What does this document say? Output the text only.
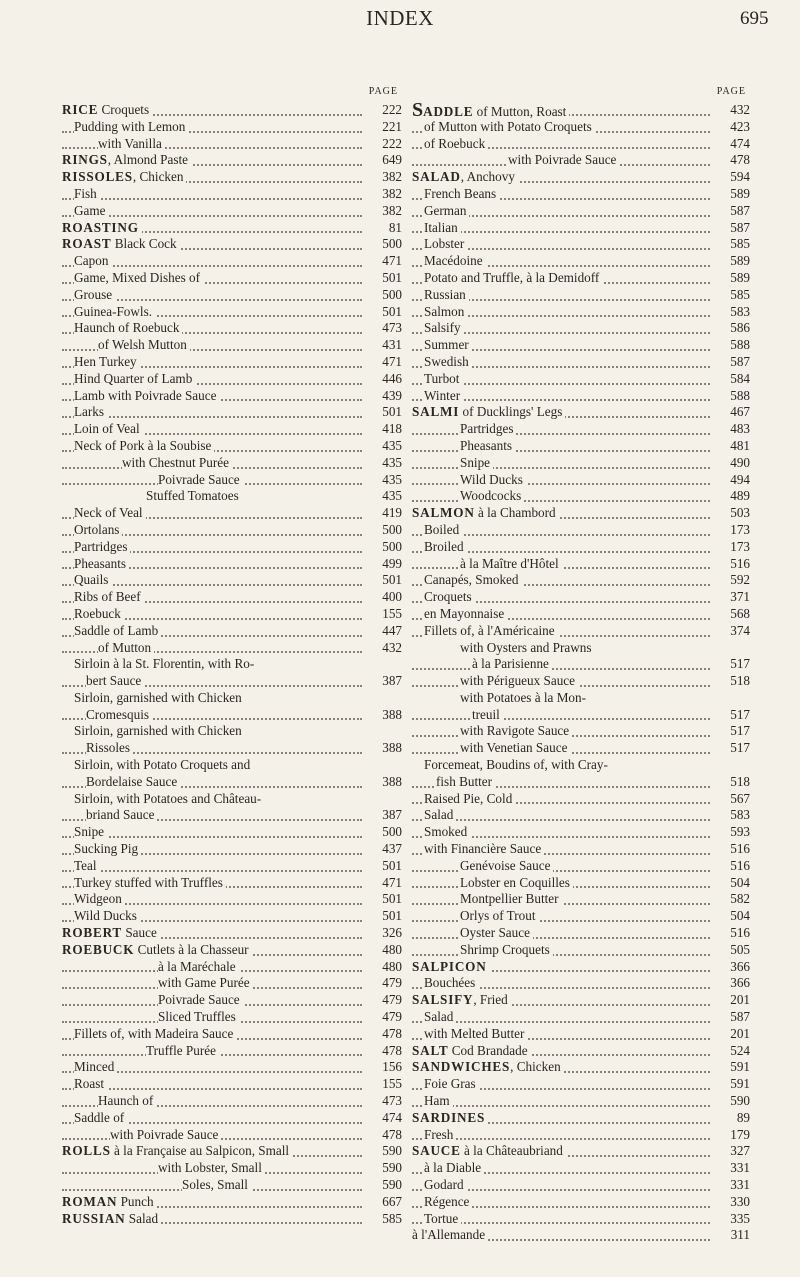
INDEX	695
PAGE
RICE Croquets	222
Pudding with Lemon	221
with Vanilla	222
RINGS, Almond Paste	649
RISSOLES, Chicken	382
Fish	382
Game	382
ROASTING	81
ROAST Black Cock	500
Capon	471
Game, Mixed Dishes of	501
Grouse	500
Guinea-Fowls.	501
Haunch of Roebuck	473
of Welsh Mutton	431
Hen Turkey	471
Hind Quarter of Lamb	446
Lamb with Poivrade Sauce	439
Larks	501
Loin of Veal	418
Neck of Pork à la Soubise	435
with Chestnut Purée	435
Poivrade Sauce	435
Stuffed Tomatoes	435
Neck of Veal	419
Ortolans	500
Partridges	500
Pheasants	499
Quails	501
Ribs of Beef	400
Roebuck	155
Saddle of Lamb	447
of Mutton	432
Sirloin à la St. Florentin, with Ro-
bert Sauce	387
Sirloin, garnished with Chicken
Cromesquis	388
Sirloin, garnished with Chicken
Rissoles	388
Sirloin, with Potato Croquets and
Bordelaise Sauce	388
Sirloin, with Potatoes and Château-
briand Sauce	387
Snipe	500
Sucking Pig	437
Teal	501
Turkey stuffed with Truffles	471
Widgeon	501
Wild Ducks	501
ROBERT Sauce	326
ROEBUCK Cutlets à la Chasseur	480
à la Maréchale	480
with Game Purée	479
Poivrade Sauce	479
Sliced Truffles	479
Fillets of, with Madeira Sauce	478
Truffle Purée	478
Minced	156
Roast	155
Haunch of	473
Saddle of	474
with Poivrade Sauce	478
ROLLS à la Française au Salpicon, Small	590
with Lobster, Small	590
Soles, Small	590
ROMAN Punch	667
RUSSIAN Salad	585
PAGE
SADDLE of Mutton, Roast	432
of Mutton with Potato Croquets	423
of Roebuck	474
with Poivrade Sauce	478
SALAD, Anchovy	594
French Beans	589
German	587
Italian	587
Lobster	585
Macédoine	589
Potato and Truffle, à la Demidoff	589
Russian	585
Salmon	583
Salsify	586
Summer	588
Swedish	587
Turbot	584
Winter	588
SALMI of Ducklings' Legs	467
Partridges	483
Pheasants	481
Snipe	490
Wild Ducks	494
Woodcocks	489
SALMON à la Chambord	503
Boiled	173
Broiled	173
à la Maître d'Hôtel	516
Canapés, Smoked	592
Croquets	371
en Mayonnaise	568
Fillets of, à l'Américaine	374
with Oysters and Prawns
à la Parisienne	517
with Périgueux Sauce	518
with Potatoes à la Mon-
treuil	517
with Ravigote Sauce	517
with Venetian Sauce	517
Forcemeat, Boudins of, with Cray-
fish Butter	518
Raised Pie, Cold	567
Salad	583
Smoked	593
with Financière Sauce	516
Genévoise Sauce	516
Lobster en Coquilles	504
Montpellier Butter	582
Orlys of Trout	504
Oyster Sauce	516
Shrimp Croquets	505
SALPICON	366
Bouchées	366
SALSIFY, Fried	201
Salad	587
with Melted Butter	201
SALT Cod Brandade	524
SANDWICHES, Chicken	591
Foie Gras	591
Ham	590
SARDINES	89
Fresh	179
SAUCE à la Châteaubriand	327
à la Diable	331
Godard	331
Régence	330
Tortue	335
à l'Allemande	311
